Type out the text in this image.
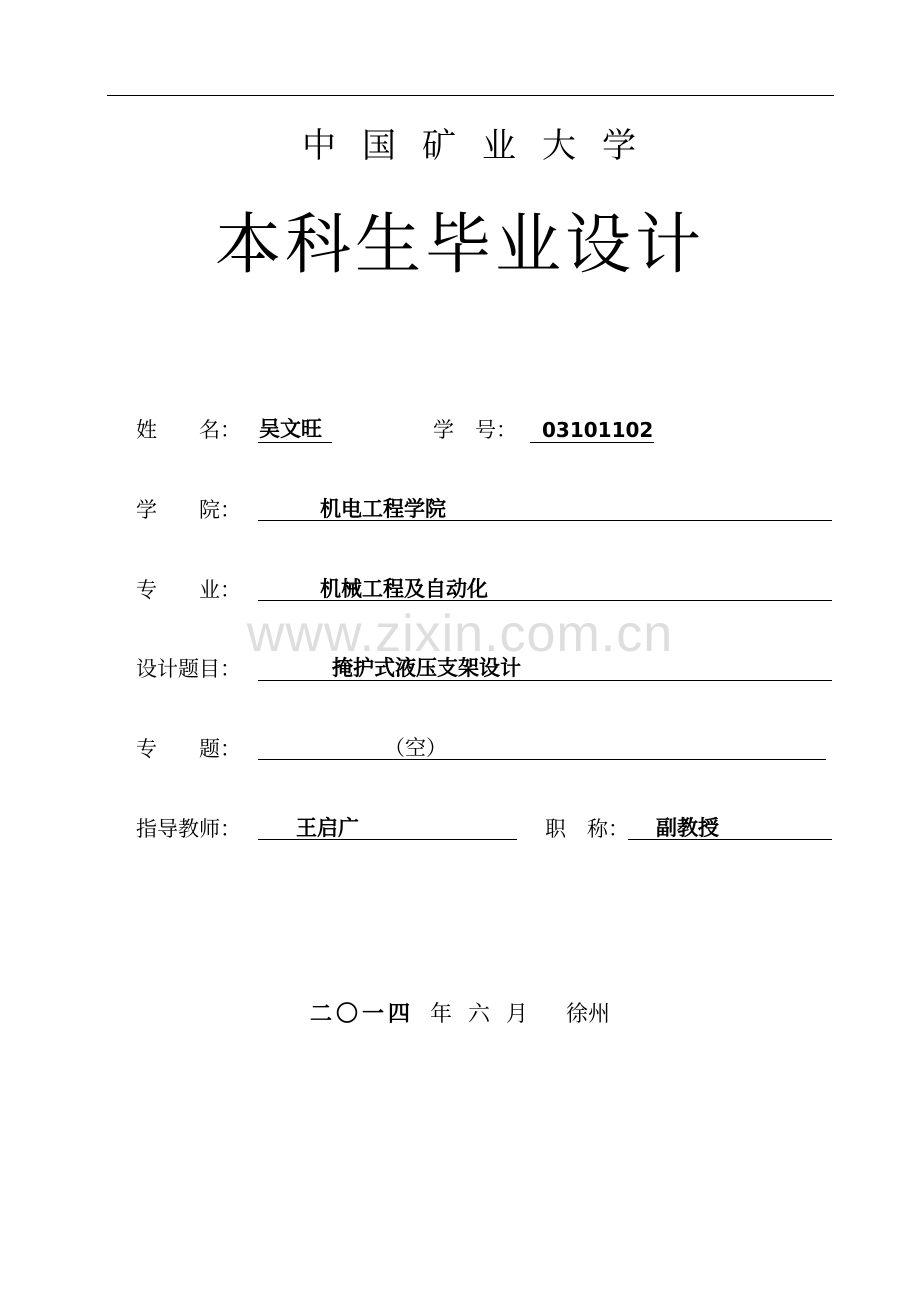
中国矿业大学
本科生毕业设计
姓　　名： 吴文旺	学　号： 03101102
学　　院：	机电工程学院
专　　业：	机械工程及自动化
www.zixin.com.cn
设计题目：	掩护式液压支架设计
专　　题：	（空）
指导教师：	王启广	职　称： 副教授
二〇一四 年 六 月 徐州
